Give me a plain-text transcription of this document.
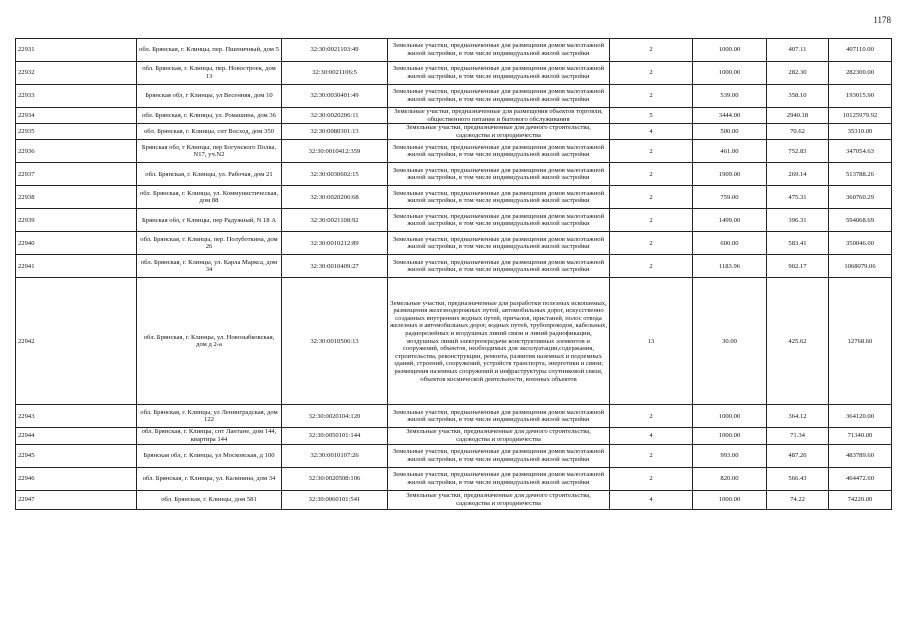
1178
22931	обл. Брянская, г. Клинцы, пер. Пшеничный, дом 5	32:30:0021103:49	Земельные участки, предназначенные для размещения домов малоэтажной жилой застройки, в том числе индивидуальной жилой застройки	2	1000.00	407.11	407110.00
22932	обл. Брянская, г. Клинцы, пер. Новостроек, дом 13	32:30:0021106:5	Земельные участки, предназначенные для размещения домов малоэтажной жилой застройки, в том числе индивидуальной жилой застройки	2	1000.00	282.30	282300.00
22933	Брянская обл, г Клинцы, ул Весенняя, дом 10	32:30:0030401:49	Земельные участки, предназначенные для размещения домов малоэтажной жилой застройки, в том числе индивидуальной жилой застройки	2	539.00	358.10	193015.90
22934	обл. Брянская, г. Клинцы, ул. Ромашина, дом 36	32:30:0020206:11	Земельные участки, предназначенные для размещения объектов торговли, общественного питания и бытового обслуживания	5	3444.00	2940.18	10125979.92
22935	обл. Брянская, г. Клинцы, снт Восход, дом 350	32:30:0080301:13	Земельные участки, предназначенные для дачного строительства, садоводства и огородничества	4	500.00	70.62	35310.00
22936	Брянская обл, г Клинцы, пер Богунского Полка, N17, уч.N2	32:30:0010412:359	Земельные участки, предназначенные для размещения домов малоэтажной жилой застройки, в том числе индивидуальной жилой застройки	2	461.00	752.83	347054.63
22937	обл. Брянская, г. Клинцы, ул. Рабочая, дом 21	32:30:0030602:15	Земельные участки, предназначенные для размещения домов малоэтажной жилой застройки, в том числе индивидуальной жилой застройки	2	1909.00	269.14	513788.26
22938	обл. Брянская, г. Клинцы, ул. Коммунистическая, дом 88	32:30:0020206:68	Земельные участки, предназначенные для размещения домов малоэтажной жилой застройки, в том числе индивидуальной жилой застройки	2	759.00	475.31	360760.29
22939	Брянская обл, г Клинцы, пер Радужный, N 18 А	32:30:0021108:92	Земельные участки, предназначенные для размещения домов малоэтажной жилой застройки, в том числе индивидуальной жилой застройки	2	1499.00	396.31	594068.69
22940	обл. Брянская, г. Клинцы, пер. Полуботкина, дом 26	32:30:0010212:89	Земельные участки, предназначенные для размещения домов малоэтажной жилой застройки, в том числе индивидуальной жилой застройки	2	600.00	583.41	350046.00
22941	обл. Брянская, г. Клинцы, ул. Карла Маркса, дом 34	32:30:0010409:27	Земельные участки, предназначенные для размещения домов малоэтажной жилой застройки, в том числе индивидуальной жилой застройки	2	1183.96	902.17	1068079.06
22942	обл. Брянская, г. Клинцы, ул. Новозыбковская, дом д 2-а	32:30:0010506:13	Земельные участки, предназначенные для разработки полезных ископаемых, размещения железнодорожных путей, автомобильных дорог, искусственно созданных внутренних водных путей, причалов, пристаней, полос отвода железных и автомобильных дорог, водных путей, трубопроводов, кабельных, радиорелейных и воздушных линий связи и линий радиофикации, воздушных линий электропередачи конструктивных элементов и сооружений, объектов, необходимых для эксплуатации,содержания, строительства, реконструкции, ремонта, развития наземных и подземных зданий, строений, сооружений, устройств транспорта, энергетики и связи; размещения наземных сооружений и инфраструктуры спутниковой связи, объектов космической деятельности, военных объектов	13	30.00	425.62	12768.60
22943	обл. Брянская, г. Клинцы, ул Ленинградская, дом 122	32:30:0020104:120	Земельные участки, предназначенные для размещения домов малоэтажной жилой застройки, в том числе индивидуальной жилой застройки	2	1000.00	364.12	364120.00
22944	обл. Брянская, г. Клинцы, снт Лантане, дом 144, квартира 144	32:30:0050101:144	Земельные участки, предназначенные для дачного строительства, садоводства и огородничества	4	1000.00	71.34	71340.00
22945	Брянская обл, г. Клинцы, ул Московская, д 100	32:30:0010107:26	Земельные участки, предназначенные для размещения домов малоэтажной жилой застройки, в том числе индивидуальной жилой застройки	2	993.00	487.20	483789.60
22946	обл. Брянская, г. Клинцы, ул. Калинина, дом 34	32:30:0020508:106	Земельные участки, предназначенные для размещения домов малоэтажной жилой застройки, в том числе индивидуальной жилой застройки	2	820.00	566.43	464472.60
22947	обл. Брянская, г. Клинцы, дом 581	32:30:0060101:541	Земельные участки, предназначенные для дачного строительства, садоводства и огородничества	4	1000.00	74.22	74220.00
